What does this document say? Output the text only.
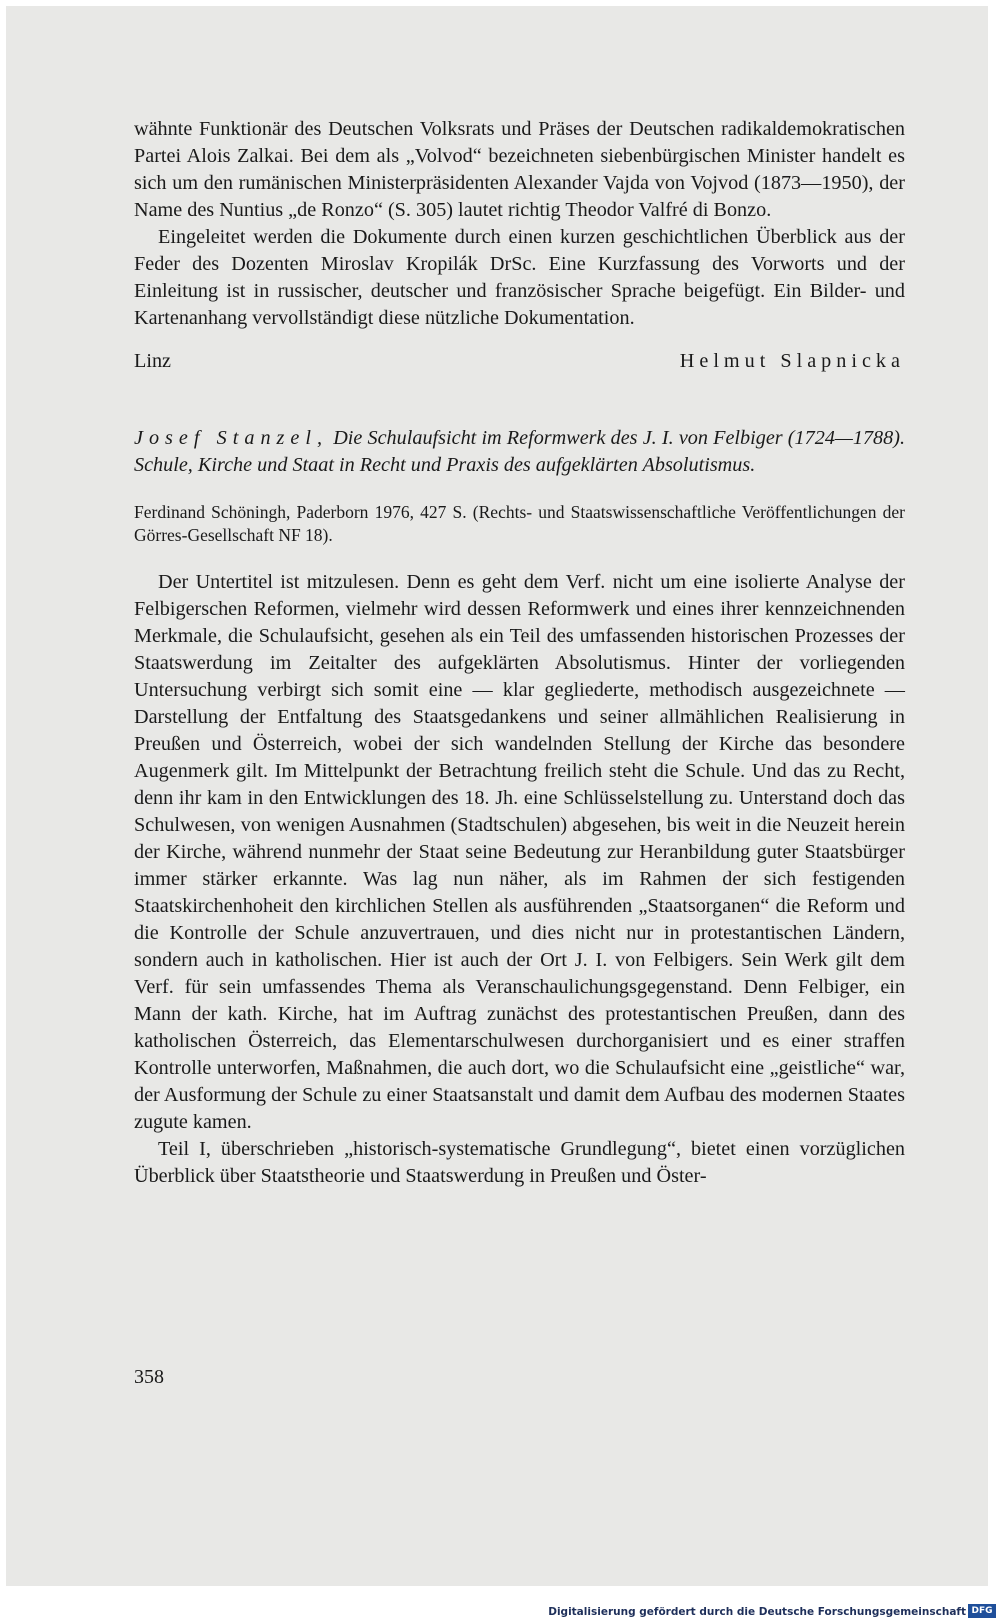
wähnte Funktionär des Deutschen Volksrats und Präses der Deutschen radikaldemokratischen Partei Alois Zalkai. Bei dem als „Volvod“ bezeichneten siebenbürgischen Minister handelt es sich um den rumänischen Ministerpräsidenten Alexander Vajda von Vojvod (1873—1950), der Name des Nuntius „de Ronzo“ (S. 305) lautet richtig Theodor Valfré di Bonzo.

Eingeleitet werden die Dokumente durch einen kurzen geschichtlichen Überblick aus der Feder des Dozenten Miroslav Kropilák DrSc. Eine Kurzfassung des Vorworts und der Einleitung ist in russischer, deutscher und französischer Sprache beigefügt. Ein Bilder- und Kartenanhang vervollständigt diese nützliche Dokumentation.

Linz	Helmut Slapnicka
Josef Stanzel, Die Schulaufsicht im Reformwerk des J. I. von Felbiger (1724—1788). Schule, Kirche und Staat in Recht und Praxis des aufgeklärten Absolutismus.

Ferdinand Schöningh, Paderborn 1976, 427 S. (Rechts- und Staatswissenschaftliche Veröffentlichungen der Görres-Gesellschaft NF 18).

Der Untertitel ist mitzulesen. Denn es geht dem Verf. nicht um eine isolierte Analyse der Felbigerschen Reformen, vielmehr wird dessen Reformwerk und eines ihrer kennzeichnenden Merkmale, die Schulaufsicht, gesehen als ein Teil des umfassenden historischen Prozesses der Staatswerdung im Zeitalter des aufgeklärten Absolutismus. Hinter der vorliegenden Untersuchung verbirgt sich somit eine — klar gegliederte, methodisch ausgezeichnete — Darstellung der Entfaltung des Staatsgedankens und seiner allmählichen Realisierung in Preußen und Österreich, wobei der sich wandelnden Stellung der Kirche das besondere Augenmerk gilt. Im Mittelpunkt der Betrachtung freilich steht die Schule. Und das zu Recht, denn ihr kam in den Entwicklungen des 18. Jh. eine Schlüsselstellung zu. Unterstand doch das Schulwesen, von wenigen Ausnahmen (Stadtschulen) abgesehen, bis weit in die Neuzeit herein der Kirche, während nunmehr der Staat seine Bedeutung zur Heranbildung guter Staatsbürger immer stärker erkannte. Was lag nun näher, als im Rahmen der sich festigenden Staatskirchenhoheit den kirchlichen Stellen als ausführenden „Staatsorganen“ die Reform und die Kontrolle der Schule anzuvertrauen, und dies nicht nur in protestantischen Ländern, sondern auch in katholischen. Hier ist auch der Ort J. I. von Felbigers. Sein Werk gilt dem Verf. für sein umfassendes Thema als Veranschaulichungsgegenstand. Denn Felbiger, ein Mann der kath. Kirche, hat im Auftrag zunächst des protestantischen Preußen, dann des katholischen Österreich, das Elementarschulwesen durchorganisiert und es einer straffen Kontrolle unterworfen, Maßnahmen, die auch dort, wo die Schulaufsicht eine „geistliche“ war, der Ausformung der Schule zu einer Staatsanstalt und damit dem Aufbau des modernen Staates zugute kamen.

Teil I, überschrieben „historisch-systematische Grundlegung“, bietet einen vorzüglichen Überblick über Staatstheorie und Staatswerdung in Preußen und Öster-

358
Digitalisierung gefördert durch die Deutsche Forschungsgemeinschaft DFG
